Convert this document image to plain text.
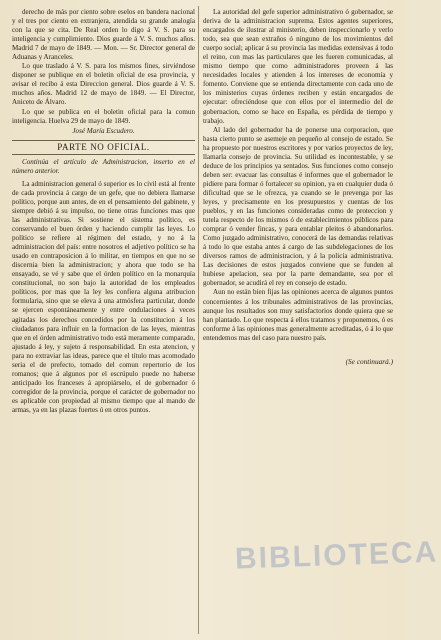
derecho de más por ciento sobre eselos en bandera nacional y el tres por ciento en extranjera, atendida su grande analogía con la que se cita. De Real orden lo digo á V. S. para su inteligencia y cumplimiento. Dios guarde á V. S. muchos años. Madrid 7 de mayo de 1849. — Mon. — Sr. Director general de Aduanas y Aranceles.

Lo que traslado á V. S. para los mismos fines, sirviéndose disponer se publique en el boletin oficial de esa provincia, y avisar el recibo á esta Direccion general. Dios guarde á V. S. muchos años. Madrid 12 de mayo de 1849. — El Director, Aniceto de Álvaro.

Lo que se publica en el boletin oficial para la comun inteligencia. Huelva 29 de mayo de 1849.

José María Escudero.

PARTE NO OFICIAL.

Continúa el artículo de Administracion, inserto en el número anterior.

La administracion general ó superior es lo civil está al frente de cada provincia á cargo de un gefe, que no debiera llamarse político, porque aun antes, de en el pensamiento del gabinete, y siempre debió á su impulso, no tiene otras funciones mas que las administrativas. Si sostiene el sistema político, es conservando el buen órden y haciendo cumplir las leyes. Lo político se refiere al régimen del estado, y no á la administracion del país: entre nosotros el adjetivo político se ha usado en contraposicion á lo militar, en tiempos en que no se discernia bien la administracion; y ahora que todo se ha ensayado, se vé y sabe que el órden político en la monarquía constitucional, no son bajo la autoridad de los empleados políticos, por mas que la ley les confiera alguna atribucion formularia, sino que se eleva á una atmósfera particular, donde se ejercen espontáneamente y entre ondulaciones á veces agitadas los derechos concedidos por la constitucion á los ciudadanos para influir en la formacion de las leyes, mientras que en el órden administrativo todo está meramente comparado, ajustado á ley, y sujeto á responsabilidad. En esta atencion, y para no extraviar las ideas, parece que el título mas acomodado seria el de prefecto, tomado del comun repertorio de los romanos; que á algunos por el escrúpulo puede no haberse anticipado los franceses á apropiárselo, el de gobernador ó corregidor de la provincia, porque el carácter de gobernador no es aplicable con propiedad al mismo tiempo que al mando de armas, ya en las plazas fuertes ú en otros puntos.

La autoridad del gefe superior administrativo ó gobernador, se deriva de la administracion suprema. Estos agentes superiores, encargados de ilustrar al ministerio, deben inspeccionarlo y verlo todo, sea que sean extraños ó ninguno de los movimientos del cuerpo social; aplicar á su provincia las medidas extensivas á todo el reino, con mas las particulares que les fueren comunicadas, al mismo tiempo que como administradores proveen á las necesidades locales y atienden á los intereses de economía y fomento. Conviene que se entienda directamente con cada uno de los ministerios cuyas órdenes reciben y están encargados de ejecutar: ofreciéndose que con ellos por el intermedio del de gobernacion, como se hace en España, es pérdida de tiempo y trabajo.

Al lado del gobernador ha de ponerse una corporacion, que hasta cierto punto se asemeje en pequeño al consejo de estado. Se ha propuesto por nuestros escritores y por varios proyectos de ley, llamarla consejo de provincia. Su utilidad es incontestable, y se deduce de los principios ya sentados. Sus funciones como consejo deben ser: evacuar las consultas é informes que el gobernador le pidiere para formar ó fortalecer su opinion, ya en cualquier duda ó dificultad que se le ofrezca, ya cuando se le prevenga por las leyes, y precisamente en los presupuestos y cuentas de los pueblos, y en las funciones consideradas como de proteccion y tutela respecto de los mismos ó de establecimientos públicos para comprar ó vender fincas, y para entablar pleitos ó abandonarlos. Como juzgado administrativo, conocerá de las demandas relativas á todo lo que estaba antes á cargo de las subdelegaciones de los diversos ramos de administracion, y á la policía administrativa. Las decisiones de estos juzgados conviene que se funden al hubiese apelacion, sea por la parte demandante, sea por el gobernador, se acudirá el rey en consejo de estado.

Aun no están bien fijas las opiniones acerca de algunos puntos concernientes á los tribunales administrativos de las provincias, aunque los resultados son muy satisfactorios donde quiera que se han plantado. Lo que respecta á ellos tratamos y proponemos, ó es conforme á las opiniones mas generalmente acreditadas, ó á lo que entendemos mas del caso para nuestro país.

(Se continuará.)

BIBLIOTECA
